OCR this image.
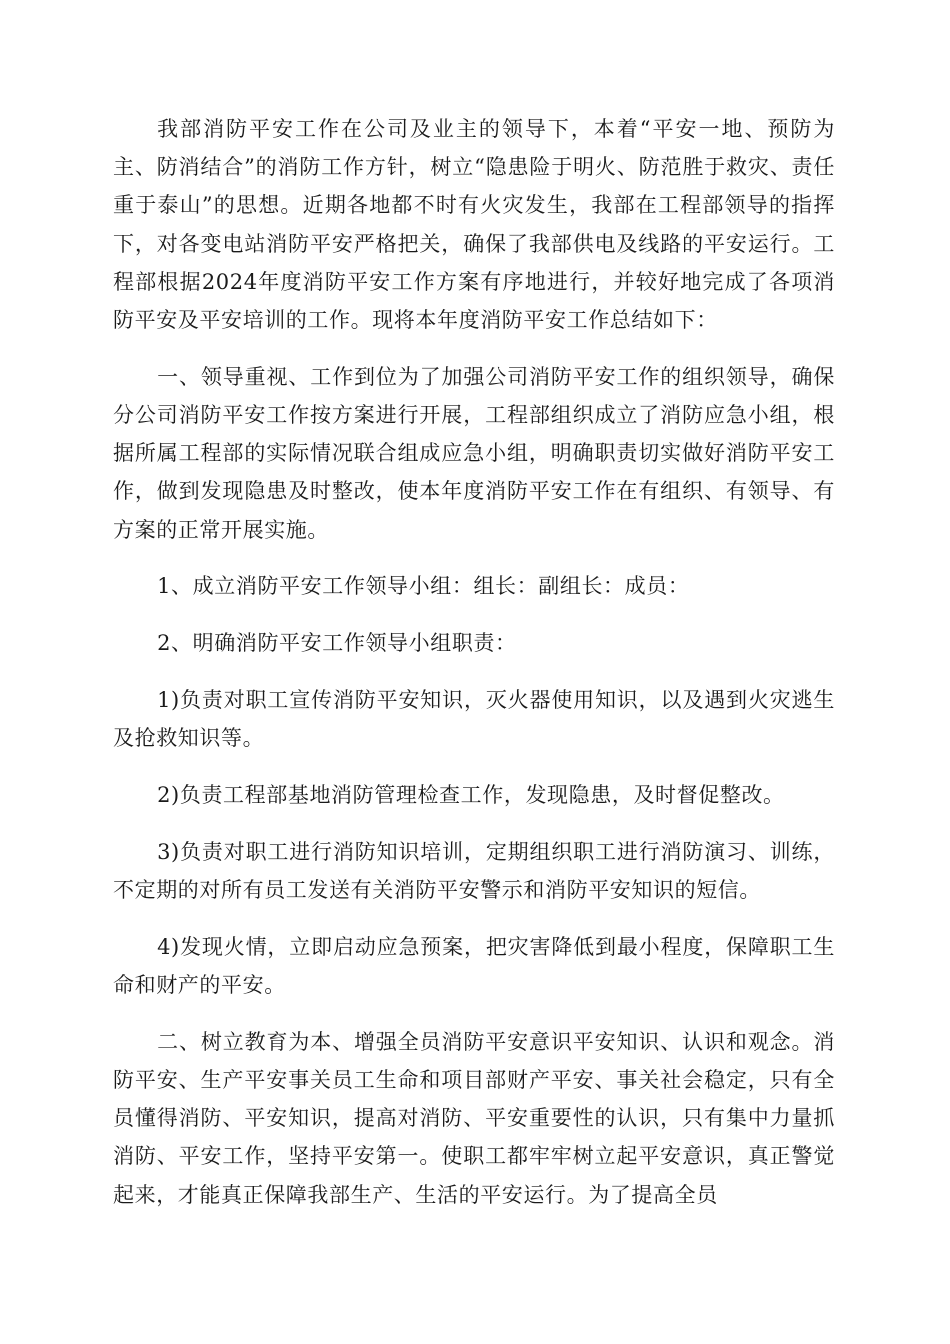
我部消防平安工作在公司及业主的领导下，本着“平安一地、预防为主、防消结合”的消防工作方针，树立“隐患险于明火、防范胜于救灾、责任重于泰山”的思想。近期各地都不时有火灾发生，我部在工程部领导的指挥下，对各变电站消防平安严格把关，确保了我部供电及线路的平安运行。工程部根据2024年度消防平安工作方案有序地进行，并较好地完成了各项消防平安及平安培训的工作。现将本年度消防平安工作总结如下：

一、领导重视、工作到位为了加强公司消防平安工作的组织领导，确保分公司消防平安工作按方案进行开展，工程部组织成立了消防应急小组，根据所属工程部的实际情况联合组成应急小组，明确职责切实做好消防平安工作，做到发现隐患及时整改，使本年度消防平安工作在有组织、有领导、有方案的正常开展实施。

1、成立消防平安工作领导小组：组长：副组长：成员：

2、明确消防平安工作领导小组职责：

1)负责对职工宣传消防平安知识，灭火器使用知识，以及遇到火灾逃生及抢救知识等。

2)负责工程部基地消防管理检查工作，发现隐患，及时督促整改。

3)负责对职工进行消防知识培训，定期组织职工进行消防演习、训练，不定期的对所有员工发送有关消防平安警示和消防平安知识的短信。

4)发现火情，立即启动应急预案，把灾害降低到最小程度，保障职工生命和财产的平安。

二、树立教育为本、增强全员消防平安意识平安知识、认识和观念。消防平安、生产平安事关员工生命和项目部财产平安、事关社会稳定，只有全员懂得消防、平安知识，提高对消防、平安重要性的认识，只有集中力量抓消防、平安工作，坚持平安第一。使职工都牢牢树立起平安意识，真正警觉起来，才能真正保障我部生产、生活的平安运行。为了提高全员
